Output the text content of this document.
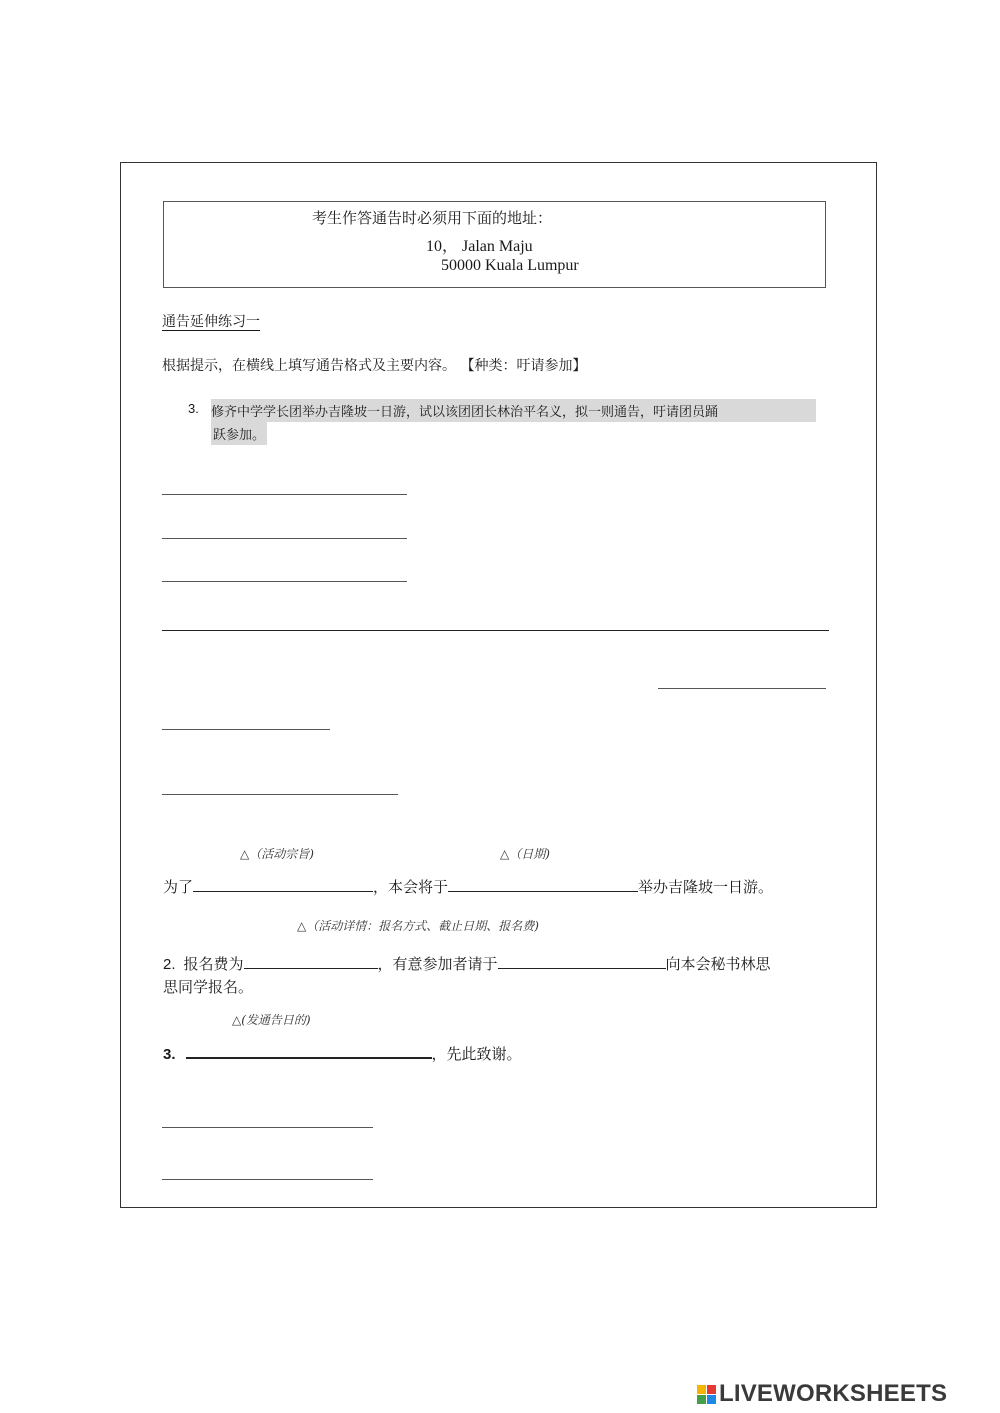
考生作答通告时必须用下面的地址：
10， Jalan Maju
50000 Kuala Lumpur
通告延伸练习一
根据提示，在横线上填写通告格式及主要内容。 【种类：吁请参加】
3. 修齐中学学长团举办吉隆坡一日游，试以该团团长林治平名义，拟一则通告，吁请团员踊
跃参加。
△（活动宗旨)	△（日期)
为了	，本会将于	举办吉隆坡一日游。
△（活动详情：报名方式、截止日期、报名费)
2. 报名费为	，有意参加者请于	向本会秘书林思
思同学报名。
△(发通告日的)
3.	，先此致谢。
LIVEWORKSHEETS
